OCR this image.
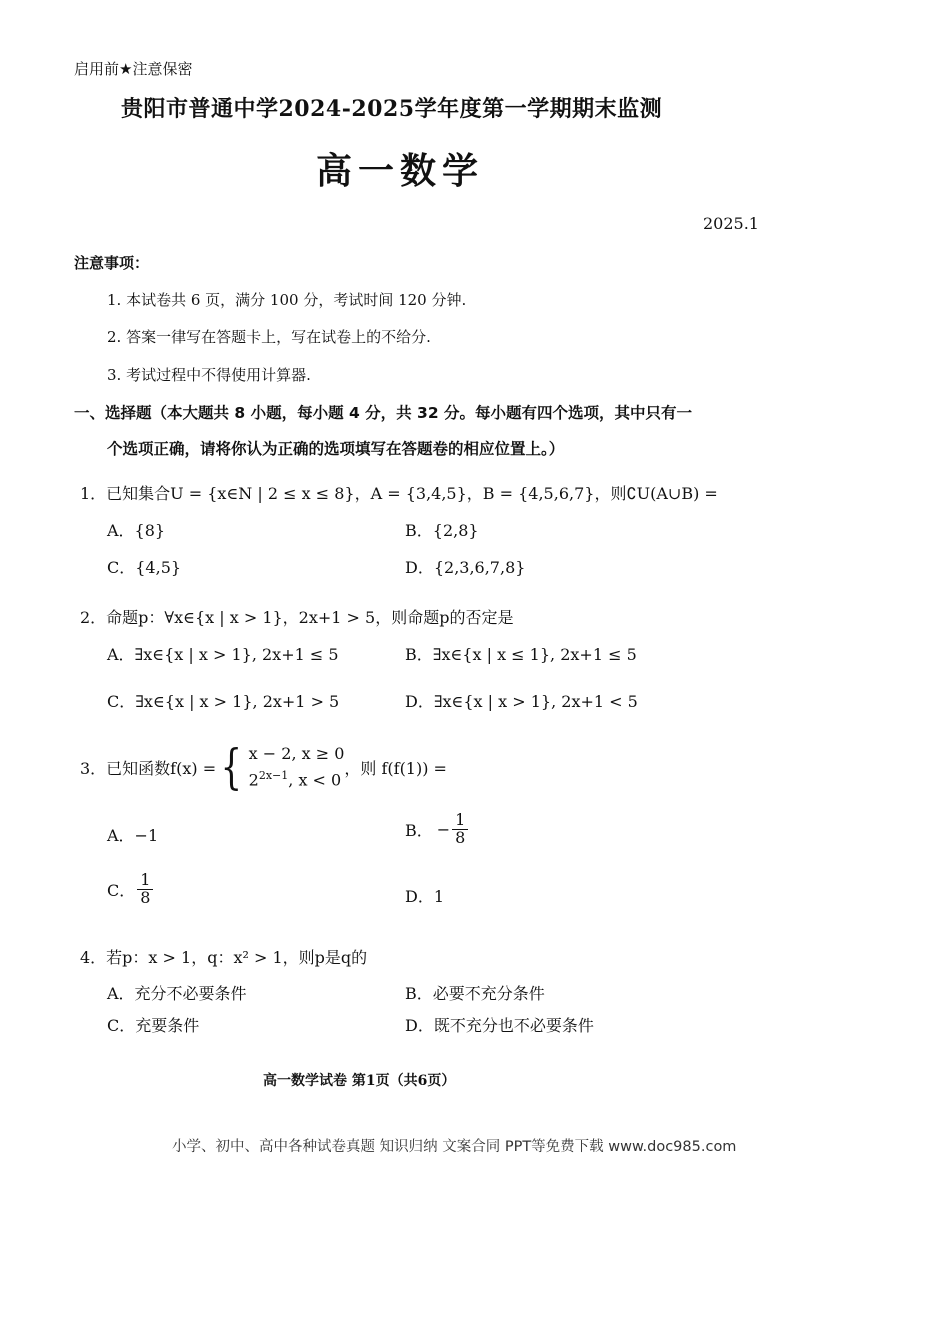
启用前★注意保密
贵阳市普通中学2024-2025学年度第一学期期末监测
高一数学
2025.1
注意事项：
1. 本试卷共 6 页，满分 100 分，考试时间 120 分钟.
2. 答案一律写在答题卡上，写在试卷上的不给分.
3. 考试过程中不得使用计算器.
一、选择题（本大题共 8 小题，每小题 4 分，共 32 分。每小题有四个选项，其中只有一
个选项正确，请将你认为正确的选项填写在答题卷的相应位置上。）
1．已知集合U = {x∈N | 2 ≤ x ≤ 8}，A = {3,4,5}，B = {4,5,6,7}，则∁U(A∪B) =
A．{8}	B．{2,8}
C．{4,5}	D．{2,3,6,7,8}
2．命题p：∀x∈{x | x > 1}，2x+1 > 5，则命题p的否定是
A．∃x∈{x | x > 1}, 2x+1 ≤ 5	B．∃x∈{x | x ≤ 1}, 2x+1 ≤ 5
C．∃x∈{x | x > 1}, 2x+1 > 5	D．∃x∈{x | x > 1}, 2x+1 < 5
3．已知函数f(x) = { x − 2, x ≥ 0
$2^{2x-1}$, x < 0
，则 f(f(1)) =
A．−1	B． − $\frac{1}{8}$
C． $\frac{1}{8}$	D．1
4．若p：x > 1，q：x² > 1，则p是q的
A．充分不必要条件	B．必要不充分条件
C．充要条件	D．既不充分也不必要条件
高一数学试卷 第1页（共6页）
小学、初中、高中各种试卷真题 知识归纳 文案合同 PPT等免费下载 www.doc985.com
